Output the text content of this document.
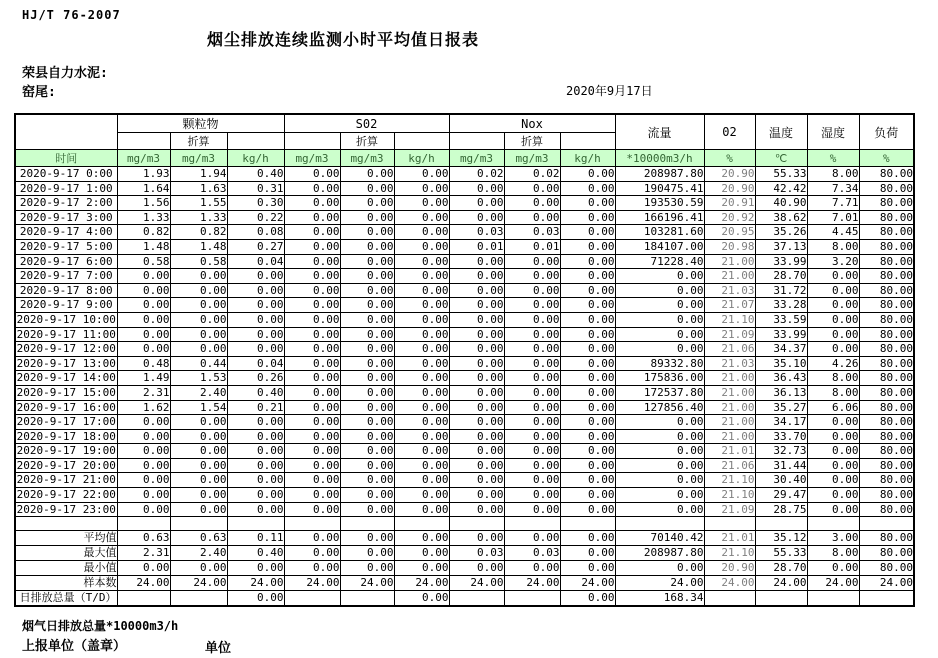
HJ/T 76-2007
烟尘排放连续监测小时平均值日报表
荣县自力水泥:
窑尾:	2020年9月17日
	颗粒物			S02			Nox			流量	02	温度	湿度	负荷
		折算			折算			折算						
时间	mg/m3	mg/m3	kg/h	mg/m3	mg/m3	kg/h	mg/m3	mg/m3	kg/h	*10000m3/h	%	℃	%	%
2020-9-17 0:00	1.93	1.94	0.40	0.00	0.00	0.00	0.02	0.02	0.00	208987.80	20.90	55.33	8.00	80.00
2020-9-17 1:00	1.64	1.63	0.31	0.00	0.00	0.00	0.00	0.00	0.00	190475.41	20.90	42.42	7.34	80.00
2020-9-17 2:00	1.56	1.55	0.30	0.00	0.00	0.00	0.00	0.00	0.00	193530.59	20.91	40.90	7.71	80.00
2020-9-17 3:00	1.33	1.33	0.22	0.00	0.00	0.00	0.00	0.00	0.00	166196.41	20.92	38.62	7.01	80.00
2020-9-17 4:00	0.82	0.82	0.08	0.00	0.00	0.00	0.03	0.03	0.00	103281.60	20.95	35.26	4.45	80.00
2020-9-17 5:00	1.48	1.48	0.27	0.00	0.00	0.00	0.01	0.01	0.00	184107.00	20.98	37.13	8.00	80.00
2020-9-17 6:00	0.58	0.58	0.04	0.00	0.00	0.00	0.00	0.00	0.00	71228.40	21.00	33.99	3.20	80.00
2020-9-17 7:00	0.00	0.00	0.00	0.00	0.00	0.00	0.00	0.00	0.00	0.00	21.00	28.70	0.00	80.00
2020-9-17 8:00	0.00	0.00	0.00	0.00	0.00	0.00	0.00	0.00	0.00	0.00	21.03	31.72	0.00	80.00
2020-9-17 9:00	0.00	0.00	0.00	0.00	0.00	0.00	0.00	0.00	0.00	0.00	21.07	33.28	0.00	80.00
2020-9-17 10:00	0.00	0.00	0.00	0.00	0.00	0.00	0.00	0.00	0.00	0.00	21.10	33.59	0.00	80.00
2020-9-17 11:00	0.00	0.00	0.00	0.00	0.00	0.00	0.00	0.00	0.00	0.00	21.09	33.99	0.00	80.00
2020-9-17 12:00	0.00	0.00	0.00	0.00	0.00	0.00	0.00	0.00	0.00	0.00	21.06	34.37	0.00	80.00
2020-9-17 13:00	0.48	0.44	0.04	0.00	0.00	0.00	0.00	0.00	0.00	89332.80	21.03	35.10	4.26	80.00
2020-9-17 14:00	1.49	1.53	0.26	0.00	0.00	0.00	0.00	0.00	0.00	175836.00	21.00	36.43	8.00	80.00
2020-9-17 15:00	2.31	2.40	0.40	0.00	0.00	0.00	0.00	0.00	0.00	172537.80	21.00	36.13	8.00	80.00
2020-9-17 16:00	1.62	1.54	0.21	0.00	0.00	0.00	0.00	0.00	0.00	127856.40	21.00	35.27	6.06	80.00
2020-9-17 17:00	0.00	0.00	0.00	0.00	0.00	0.00	0.00	0.00	0.00	0.00	21.00	34.17	0.00	80.00
2020-9-17 18:00	0.00	0.00	0.00	0.00	0.00	0.00	0.00	0.00	0.00	0.00	21.00	33.70	0.00	80.00
2020-9-17 19:00	0.00	0.00	0.00	0.00	0.00	0.00	0.00	0.00	0.00	0.00	21.01	32.73	0.00	80.00
2020-9-17 20:00	0.00	0.00	0.00	0.00	0.00	0.00	0.00	0.00	0.00	0.00	21.06	31.44	0.00	80.00
2020-9-17 21:00	0.00	0.00	0.00	0.00	0.00	0.00	0.00	0.00	0.00	0.00	21.10	30.40	0.00	80.00
2020-9-17 22:00	0.00	0.00	0.00	0.00	0.00	0.00	0.00	0.00	0.00	0.00	21.10	29.47	0.00	80.00
2020-9-17 23:00	0.00	0.00	0.00	0.00	0.00	0.00	0.00	0.00	0.00	0.00	21.09	28.75	0.00	80.00

平均值	0.63	0.63	0.11	0.00	0.00	0.00	0.00	0.00	0.00	70140.42	21.01	35.12	3.00	80.00
最大值	2.31	2.40	0.40	0.00	0.00	0.00	0.03	0.03	0.00	208987.80	21.10	55.33	8.00	80.00
最小值	0.00	0.00	0.00	0.00	0.00	0.00	0.00	0.00	0.00	0.00	20.90	28.70	0.00	80.00
样本数	24.00	24.00	24.00	24.00	24.00	24.00	24.00	24.00	24.00	24.00	24.00	24.00	24.00	24.00
日排放总量（T/D）			0.00			0.00			0.00	168.34				
烟气日排放总量*10000m3/h
上报单位（盖章）	单位
